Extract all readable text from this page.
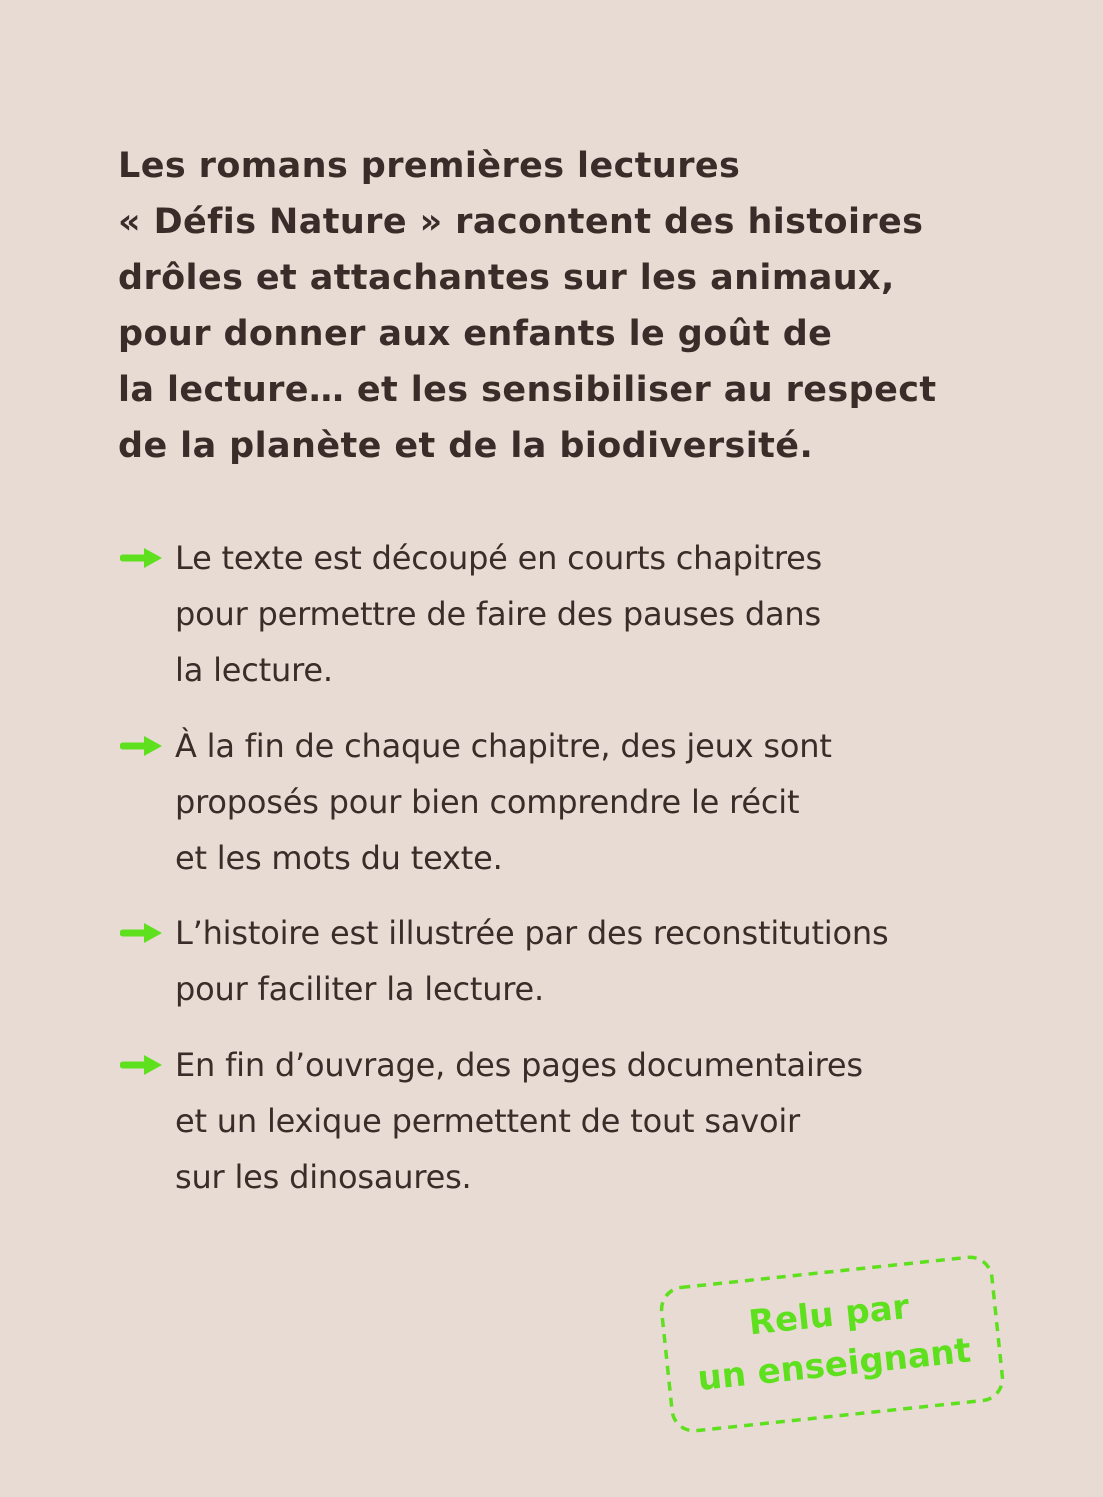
Les romans premières lectures
« Défis Nature » racontent des histoires
drôles et attachantes sur les animaux,
pour donner aux enfants le goût de
la lecture… et les sensibiliser au respect
de la planète et de la biodiversité.
Le texte est découpé en courts chapitres
pour permettre de faire des pauses dans
la lecture.
À la fin de chaque chapitre, des jeux sont
proposés pour bien comprendre le récit
et les mots du texte.
L’histoire est illustrée par des reconstitutions
pour faciliter la lecture.
En fin d’ouvrage, des pages documentaires
et un lexique permettent de tout savoir
sur les dinosaures.
Relu par
un enseignant
